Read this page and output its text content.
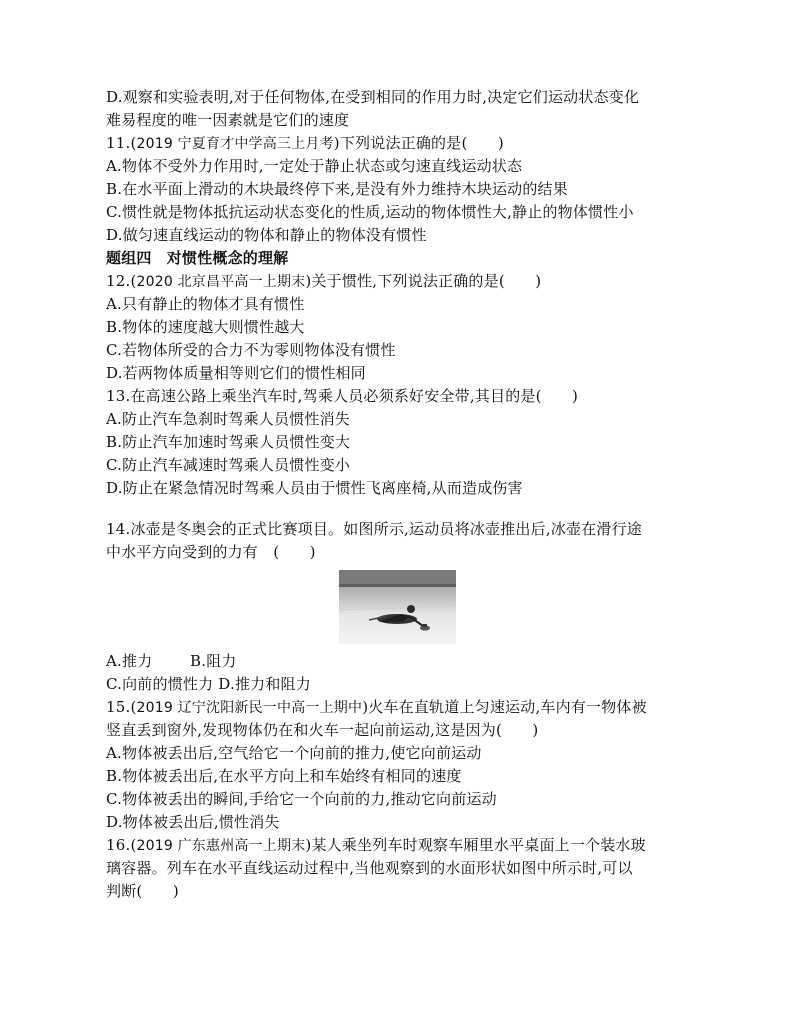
D.观察和实验表明,对于任何物体,在受到相同的作用力时,决定它们运动状态变化
难易程度的唯一因素就是它们的速度
11.(2019 宁夏育才中学高三上月考)下列说法正确的是(　　)
A.物体不受外力作用时,一定处于静止状态或匀速直线运动状态
B.在水平面上滑动的木块最终停下来,是没有外力维持木块运动的结果
C.惯性就是物体抵抗运动状态变化的性质,运动的物体惯性大,静止的物体惯性小
D.做匀速直线运动的物体和静止的物体没有惯性
题组四　对惯性概念的理解
12.(2020 北京昌平高一上期末)关于惯性,下列说法正确的是(　　)
A.只有静止的物体才具有惯性
B.物体的速度越大则惯性越大
C.若物体所受的合力不为零则物体没有惯性
D.若两物体质量相等则它们的惯性相同
13.在高速公路上乘坐汽车时,驾乘人员必须系好安全带,其目的是(　　)
A.防止汽车急刹时驾乘人员惯性消失
B.防止汽车加速时驾乘人员惯性变大
C.防止汽车减速时驾乘人员惯性变小
D.防止在紧急情况时驾乘人员由于惯性飞离座椅,从而造成伤害
14.冰壶是冬奥会的正式比赛项目。如图所示,运动员将冰壶推出后,冰壶在滑行途
中水平方向受到的力有　(　　)
A.推力	B.阻力
C.向前的惯性力 D.推力和阻力
15.(2019 辽宁沈阳新民一中高一上期中)火车在直轨道上匀速运动,车内有一物体被
竖直丢到窗外,发现物体仍在和火车一起向前运动,这是因为(　　)
A.物体被丢出后,空气给它一个向前的推力,使它向前运动
B.物体被丢出后,在水平方向上和车始终有相同的速度
C.物体被丢出的瞬间,手给它一个向前的力,推动它向前运动
D.物体被丢出后,惯性消失
16.(2019 广东惠州高一上期末)某人乘坐列车时观察车厢里水平桌面上一个装水玻
璃容器。列车在水平直线运动过程中,当他观察到的水面形状如图中所示时,可以
判断(　　)
